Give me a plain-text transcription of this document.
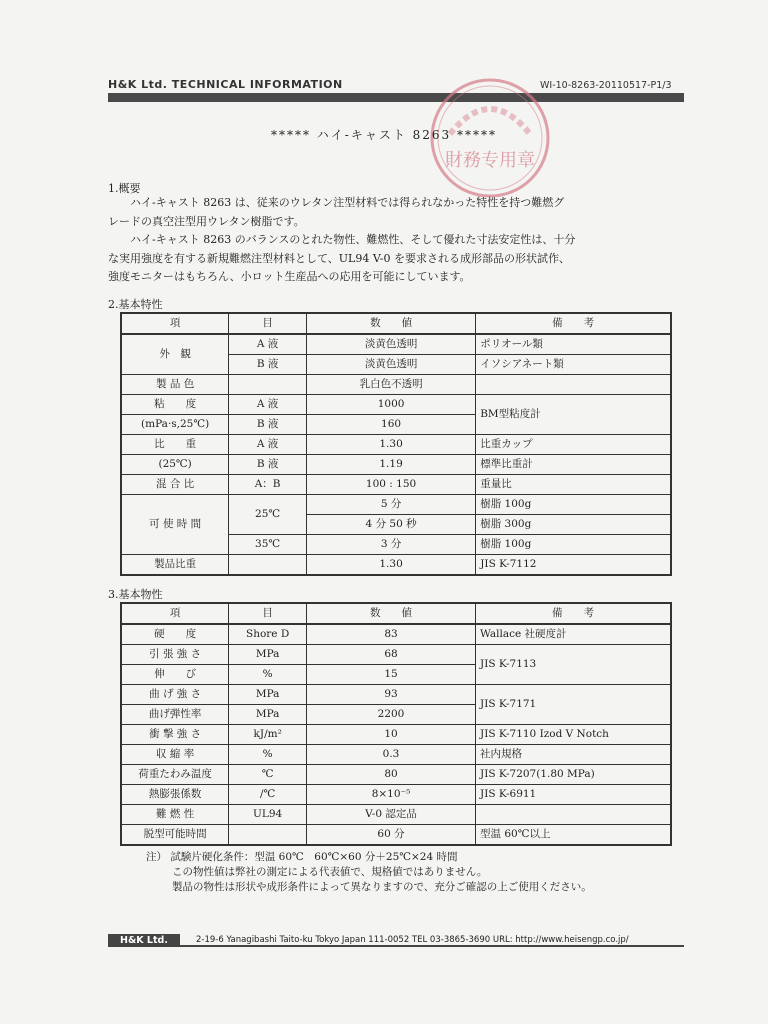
H&K Ltd. TECHNICAL INFORMATION	WI-10-8263-20110517-P1/3
財務专用章
***** ハイ-キャスト 8263 *****
1.概要

ハイ-キャスト 8263 は、従来のウレタン注型材料では得られなかった特性を持つ難燃グ

レードの真空注型用ウレタン樹脂です。

ハイ-キャスト 8263 のバランスのとれた物性、難燃性、そして優れた寸法安定性は、十分

な実用強度を有する新規難燃注型材料として、UL94 V-0 を要求される成形部品の形状試作、

強度モニターはもちろん、小ロット生産品への応用を可能にしています。

2.基本特性
項	目	数　　値	備　　考
外　観	A 液	淡黄色透明	ポリオール類
	B 液	淡黄色透明	イソシアネート類
製 品 色		乳白色不透明	
粘　　度	A 液	1000	BM型粘度計
(mPa·s,25℃)	B 液	160	
比　　重	A 液	1.30	比重カップ
(25℃)	B 液	1.19	標準比重計
混 合 比	A：B	100 : 150	重量比
可 使 時 間	25℃	5 分	樹脂 100g
		4 分 50 秒	樹脂 300g
	35℃	3 分	樹脂 100g
製品比重		1.30	JIS K-7112
3.基本物性
項	目	数　　値	備　　考
硬　　度	Shore D	83	Wallace 社硬度計
引 張 強 さ	MPa	68	JIS K-7113
伸　　び	%	15	
曲 げ 強 さ	MPa	93	JIS K-7171
曲げ弾性率	MPa	2200	
衝 撃 強 さ	kJ/m²	10	JIS K-7110 Izod V Notch
収 縮 率	%	0.3	社内規格
荷重たわみ温度	℃	80	JIS K-7207(1.80 MPa)
熱膨張係数	/℃	8×10⁻⁵	JIS K-6911
難 燃 性	UL94	V-0 認定品	
脱型可能時間		60 分	型温 60℃以上

注） 試験片硬化条件：型温 60℃　60℃×60 分＋25℃×24 時間

この物性値は弊社の測定による代表値で、規格値ではありません。

製品の物性は形状や成形条件によって異なりますので、充分ご確認の上ご使用ください。

H&K Ltd.	2-19-6 Yanagibashi Taito-ku Tokyo Japan 111-0052 TEL 03-3865-3690 URL: http://www.heisengp.co.jp/
